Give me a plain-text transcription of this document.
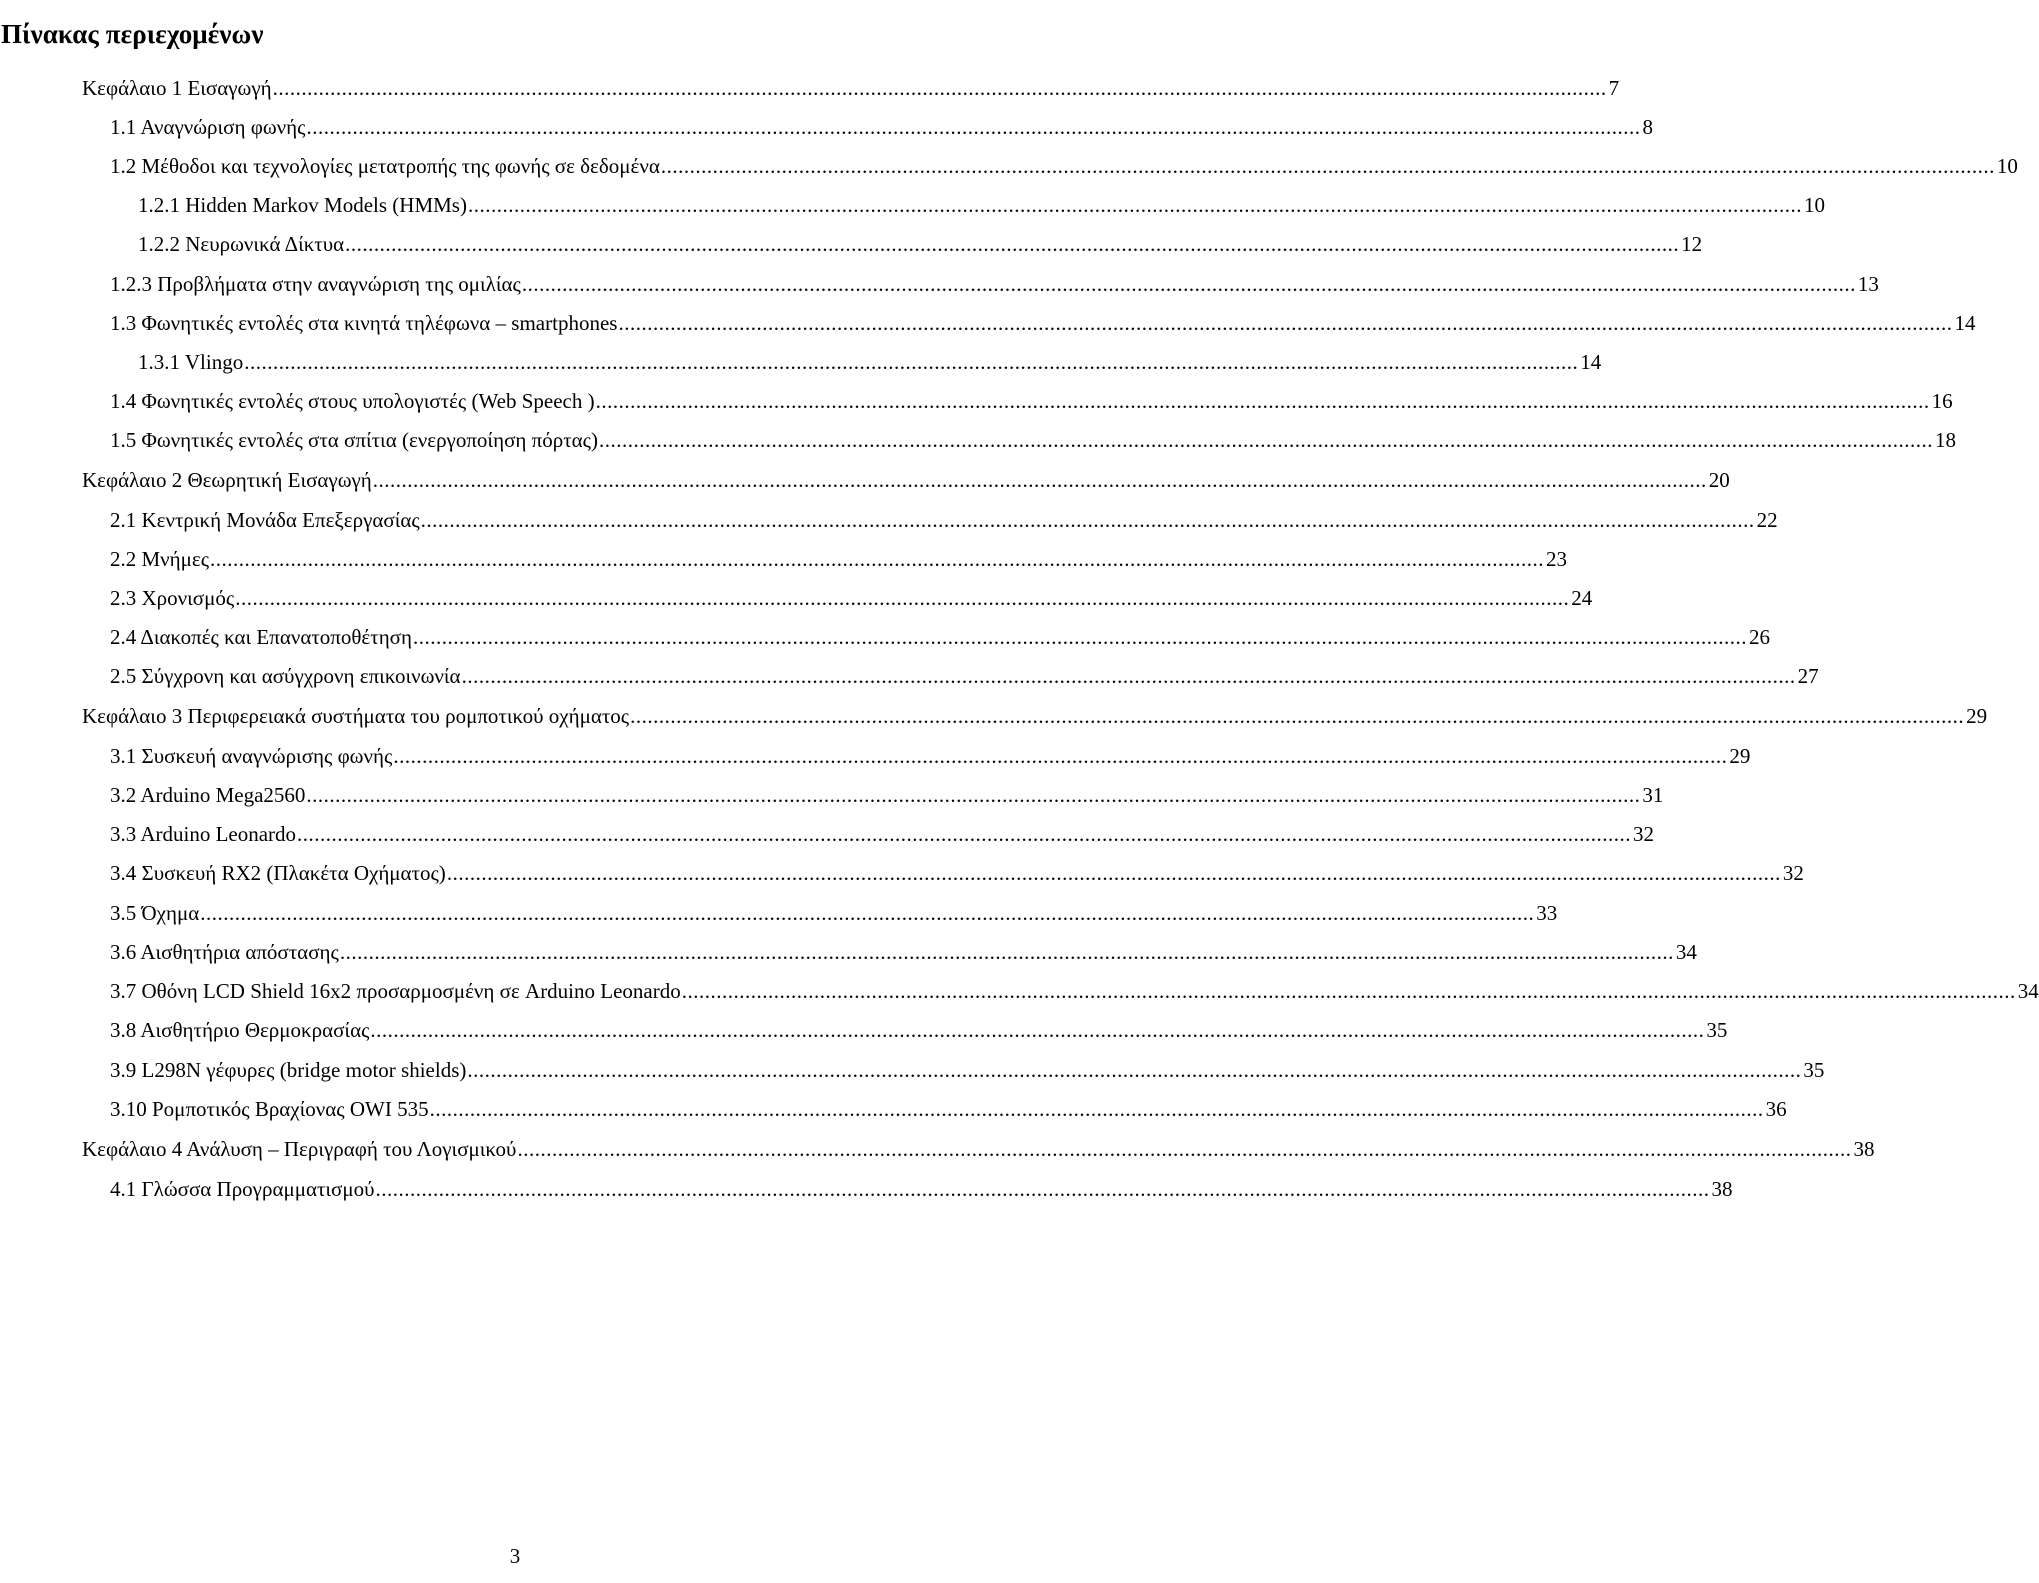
Πίνακας περιεχομένων
Κεφάλαιο 1 Εισαγωγή ........................................................................................................................................................................................................................................ 7
1.1 Αναγνώριση φωνής ........................................................................................................................................................................................................................................ 8
1.2 Μέθοδοι και τεχνολογίες μετατροπής της φωνής σε δεδομένα ........................................................................................................................................................................................................................................ 10
1.2.1 Hidden Markov Models (HMMs) ........................................................................................................................................................................................................................................ 10
1.2.2 Νευρωνικά Δίκτυα ........................................................................................................................................................................................................................................ 12
1.2.3 Προβλήματα στην αναγνώριση της ομιλίας ........................................................................................................................................................................................................................................ 13
1.3 Φωνητικές εντολές στα κινητά τηλέφωνα – smartphones ........................................................................................................................................................................................................................................ 14
1.3.1 Vlingo ........................................................................................................................................................................................................................................ 14
1.4 Φωνητικές εντολές στους υπολογιστές (Web Speech ) ........................................................................................................................................................................................................................................ 16
1.5 Φωνητικές εντολές στα σπίτια (ενεργοποίηση πόρτας) ........................................................................................................................................................................................................................................ 18
Κεφάλαιο 2 Θεωρητική Εισαγωγή ........................................................................................................................................................................................................................................ 20
2.1 Κεντρική Μονάδα Επεξεργασίας ........................................................................................................................................................................................................................................ 22
2.2 Μνήμες ........................................................................................................................................................................................................................................ 23
2.3 Χρονισμός ........................................................................................................................................................................................................................................ 24
2.4 Διακοπές και Επανατοποθέτηση ........................................................................................................................................................................................................................................ 26
2.5 Σύγχρονη και ασύγχρονη επικοινωνία ........................................................................................................................................................................................................................................ 27
Κεφάλαιο 3 Περιφερειακά συστήματα του ρομποτικού οχήματος ........................................................................................................................................................................................................................................ 29
3.1 Συσκευή αναγνώρισης φωνής ........................................................................................................................................................................................................................................ 29
3.2 Arduino Mega2560 ........................................................................................................................................................................................................................................ 31
3.3 Arduino Leonardo ........................................................................................................................................................................................................................................ 32
3.4 Συσκευή RX2 (Πλακέτα Οχήματος) ........................................................................................................................................................................................................................................ 32
3.5 Όχημα ........................................................................................................................................................................................................................................ 33
3.6 Αισθητήρια απόστασης ........................................................................................................................................................................................................................................ 34
3.7 Οθόνη LCD Shield 16x2 προσαρμοσμένη σε Arduino Leonardo ........................................................................................................................................................................................................................................ 34
3.8 Αισθητήριο Θερμοκρασίας ........................................................................................................................................................................................................................................ 35
3.9 L298N γέφυρες (bridge motor shields) ........................................................................................................................................................................................................................................ 35
3.10 Ρομποτικός Βραχίονας OWI 535 ........................................................................................................................................................................................................................................ 36
Κεφάλαιο 4 Ανάλυση – Περιγραφή του Λογισμικού ........................................................................................................................................................................................................................................ 38
4.1 Γλώσσα Προγραμματισμού ........................................................................................................................................................................................................................................ 38
3
